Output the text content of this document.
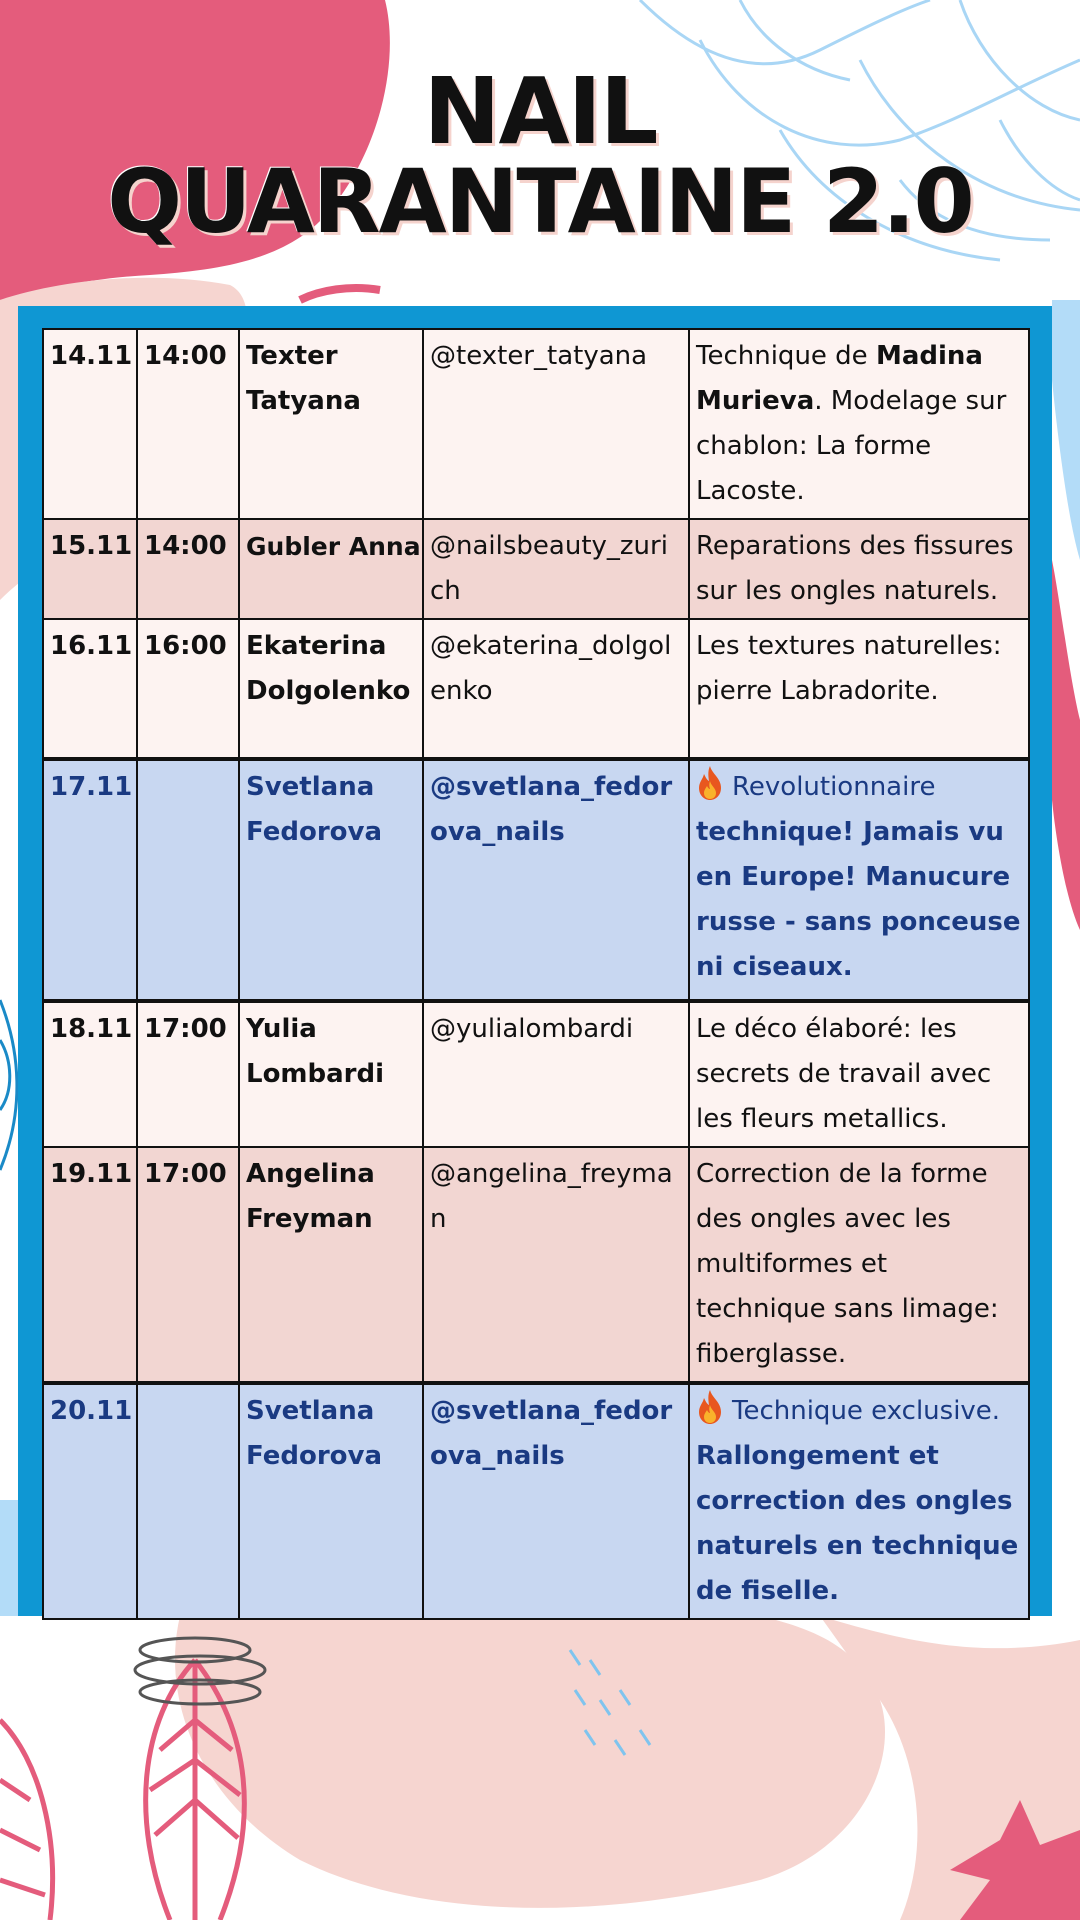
NAIL
QUARANTAINE 2.0
14.11	14:00	Texter Tatyana	@texter_tatyana	Technique de Madina Murieva. Modelage sur chablon: La forme Lacoste.
15.11	14:00	Gubler Anna	@nailsbeauty_zurich	Reparations des fissures sur les ongles naturels.
16.11	16:00	Ekaterina Dolgolenko	@ekaterina_dolgolenko	Les textures naturelles: pierre Labradorite.
17.11		Svetlana Fedorova	@svetlana_fedorova_nails	Revolutionnaire technique! Jamais vu en Europe! Manucure russe - sans ponceuse ni ciseaux.
18.11	17:00	Yulia Lombardi	@yulialombardi	Le déco élaboré: les secrets de travail avec les fleurs metallics.
19.11	17:00	Angelina Freyman	@angelina_freyman	Correction de la forme des ongles avec les multiformes et technique sans limage: fiberglasse.
20.11		Svetlana Fedorova	@svetlana_fedorova_nails	Technique exclusive. Rallongement et correction des ongles naturels en technique de fiselle.
